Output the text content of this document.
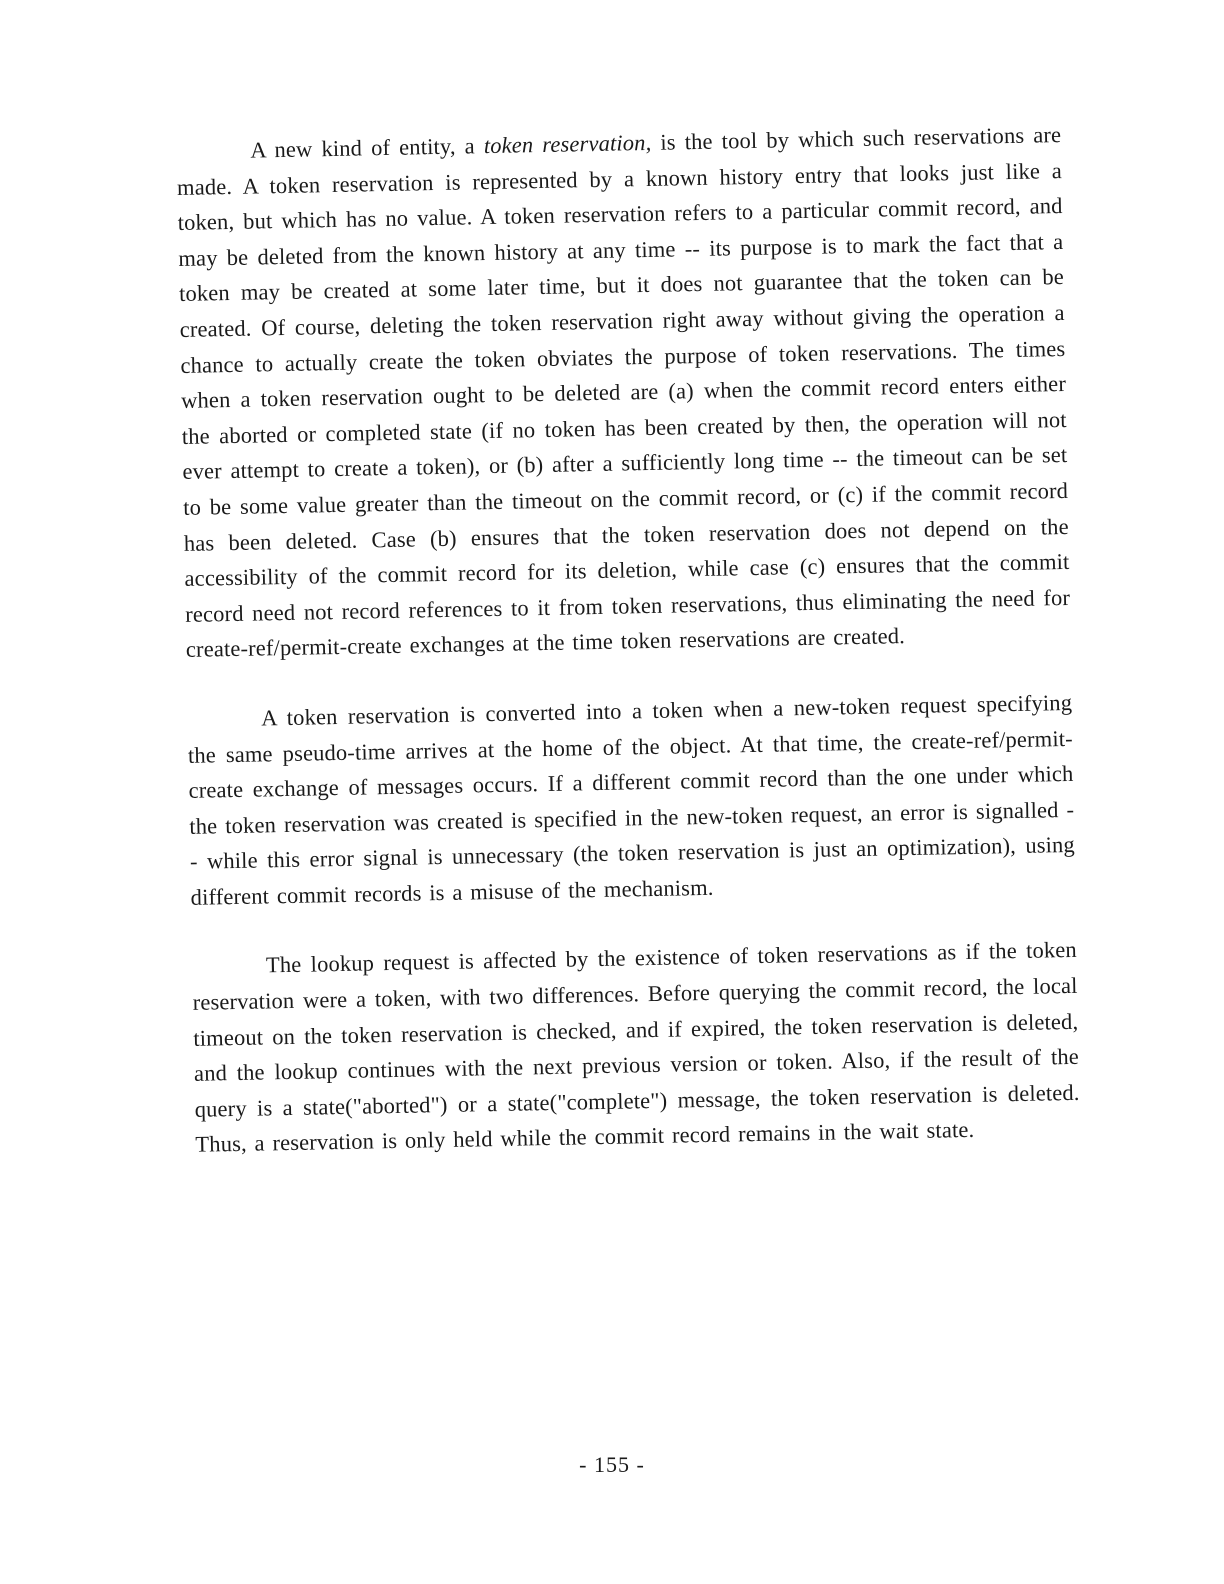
A new kind of entity, a token reservation, is the tool by which such reservations are made. A token reservation is represented by a known history entry that looks just like a token, but which has no value. A token reservation refers to a particular commit record, and may be deleted from the known history at any time -- its purpose is to mark the fact that a token may be created at some later time, but it does not guarantee that the token can be created. Of course, deleting the token reservation right away without giving the operation a chance to actually create the token obviates the purpose of token reservations. The times when a token reservation ought to be deleted are (a) when the commit record enters either the aborted or completed state (if no token has been created by then, the operation will not ever attempt to create a token), or (b) after a sufficiently long time -- the timeout can be set to be some value greater than the timeout on the commit record, or (c) if the commit record has been deleted. Case (b) ensures that the token reservation does not depend on the accessibility of the commit record for its deletion, while case (c) ensures that the commit record need not record references to it from token reservations, thus eliminating the need for create-ref/permit-create exchanges at the time token reservations are created.

A token reservation is converted into a token when a new-token request specifying the same pseudo-time arrives at the home of the object. At that time, the create-ref/permit-create exchange of messages occurs. If a different commit record than the one under which the token reservation was created is specified in the new-token request, an error is signalled -- while this error signal is unnecessary (the token reservation is just an optimization), using different commit records is a misuse of the mechanism.

The lookup request is affected by the existence of token reservations as if the token reservation were a token, with two differences. Before querying the commit record, the local timeout on the token reservation is checked, and if expired, the token reservation is deleted, and the lookup continues with the next previous version or token. Also, if the result of the query is a state("aborted") or a state("complete") message, the token reservation is deleted. Thus, a reservation is only held while the commit record remains in the wait state.

- 155 -
